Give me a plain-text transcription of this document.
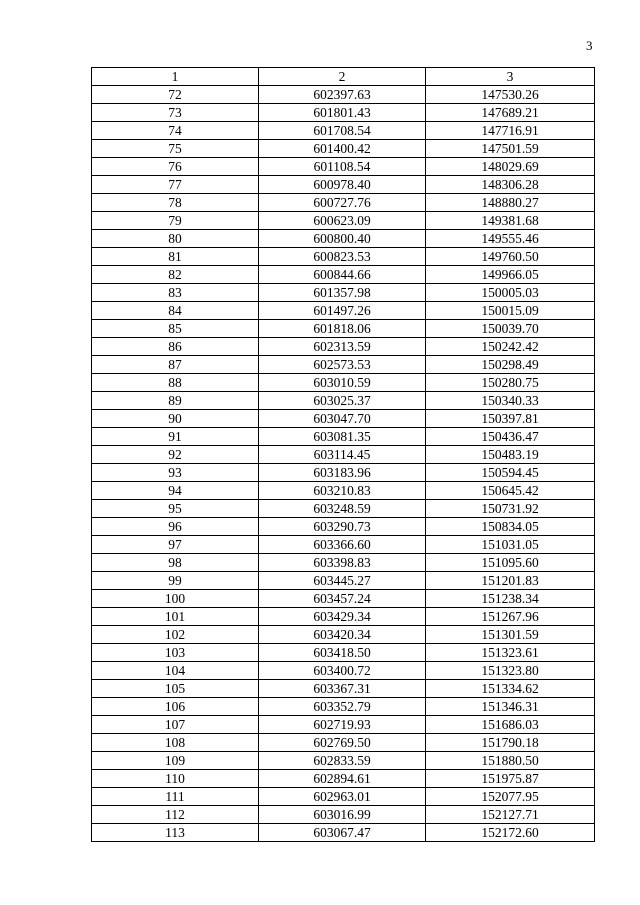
3
1	2	3
72	602397.63	147530.26
73	601801.43	147689.21
74	601708.54	147716.91
75	601400.42	147501.59
76	601108.54	148029.69
77	600978.40	148306.28
78	600727.76	148880.27
79	600623.09	149381.68
80	600800.40	149555.46
81	600823.53	149760.50
82	600844.66	149966.05
83	601357.98	150005.03
84	601497.26	150015.09
85	601818.06	150039.70
86	602313.59	150242.42
87	602573.53	150298.49
88	603010.59	150280.75
89	603025.37	150340.33
90	603047.70	150397.81
91	603081.35	150436.47
92	603114.45	150483.19
93	603183.96	150594.45
94	603210.83	150645.42
95	603248.59	150731.92
96	603290.73	150834.05
97	603366.60	151031.05
98	603398.83	151095.60
99	603445.27	151201.83
100	603457.24	151238.34
101	603429.34	151267.96
102	603420.34	151301.59
103	603418.50	151323.61
104	603400.72	151323.80
105	603367.31	151334.62
106	603352.79	151346.31
107	602719.93	151686.03
108	602769.50	151790.18
109	602833.59	151880.50
110	602894.61	151975.87
111	602963.01	152077.95
112	603016.99	152127.71
113	603067.47	152172.60
